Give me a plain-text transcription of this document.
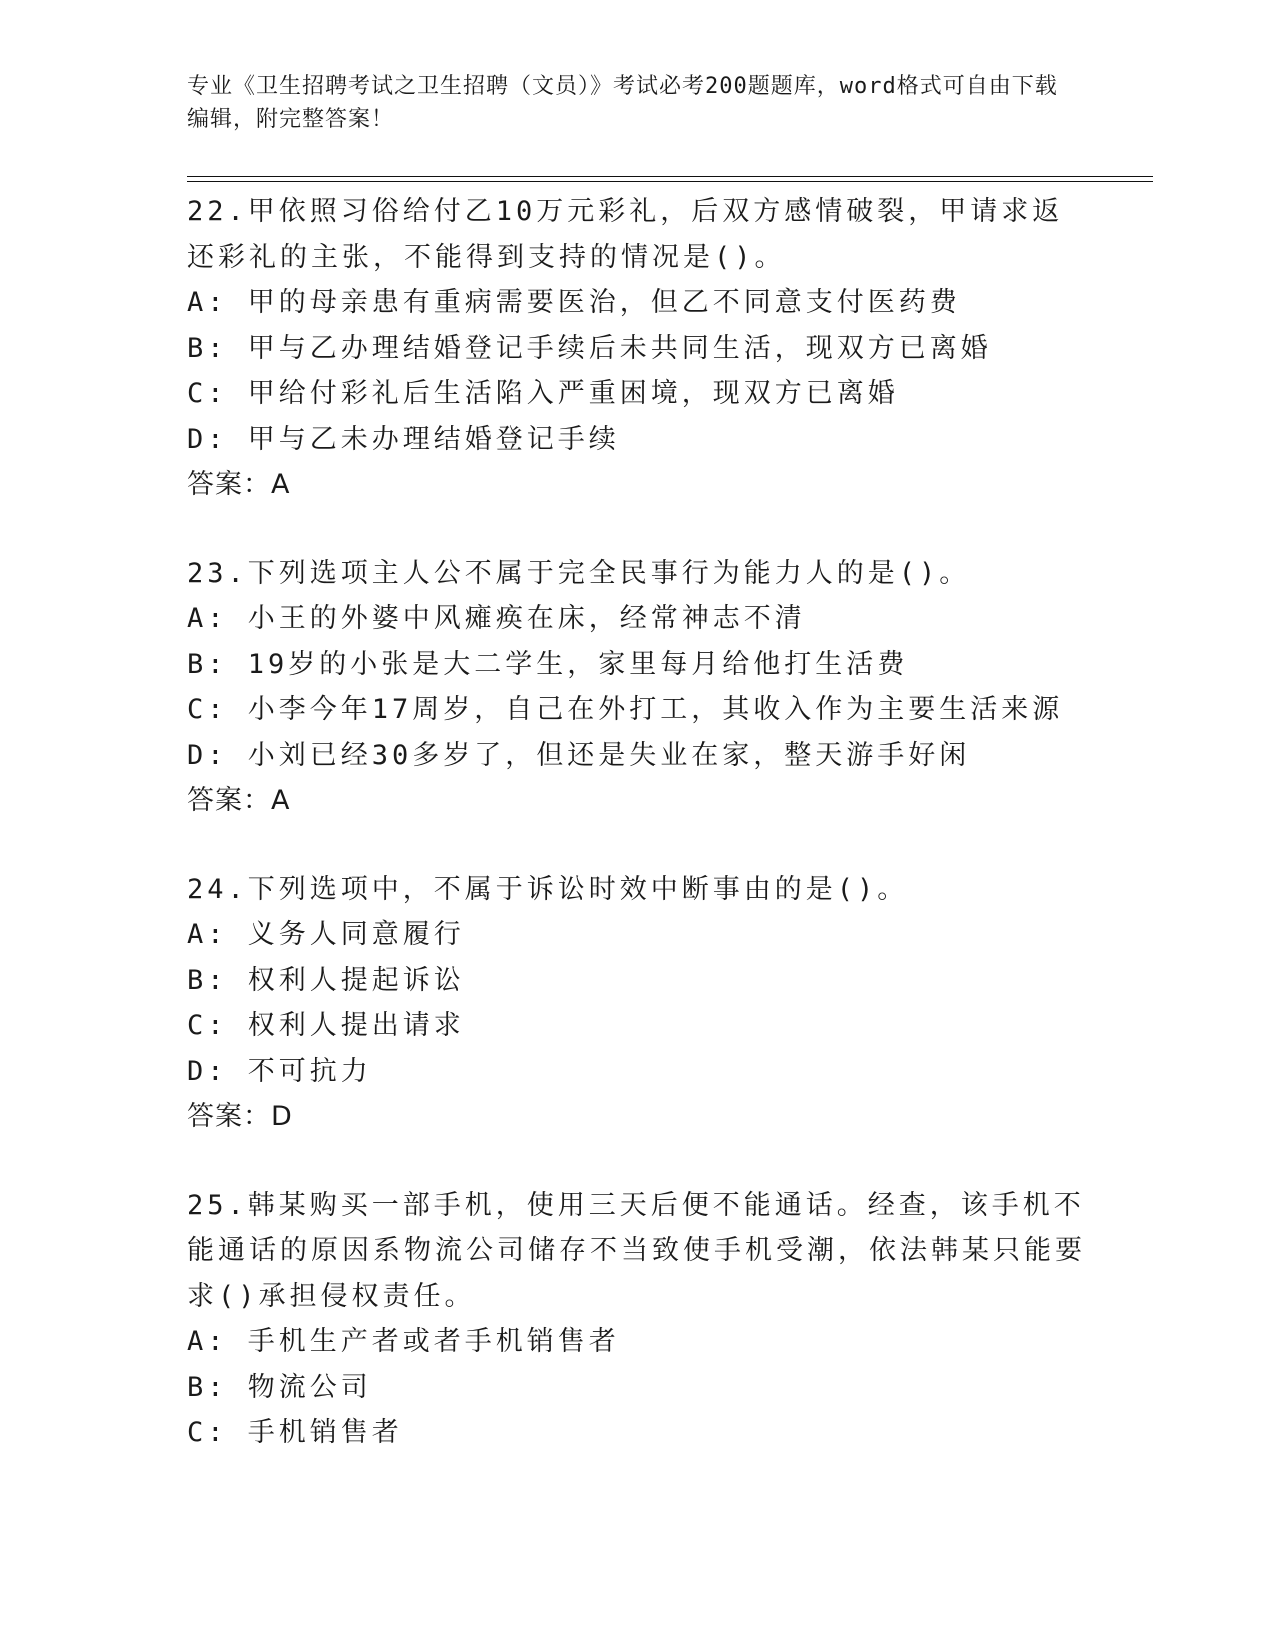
专业《卫生招聘考试之卫生招聘（文员）》考试必考200题题库，word格式可自由下载编辑，附完整答案！
22.甲依照习俗给付乙10万元彩礼，后双方感情破裂，甲请求返还彩礼的主张，不能得到支持的情况是()。
A: 甲的母亲患有重病需要医治，但乙不同意支付医药费
B: 甲与乙办理结婚登记手续后未共同生活，现双方已离婚
C: 甲给付彩礼后生活陷入严重困境，现双方已离婚
D: 甲与乙未办理结婚登记手续
答案：A
23.下列选项主人公不属于完全民事行为能力人的是()。
A: 小王的外婆中风瘫痪在床，经常神志不清
B: 19岁的小张是大二学生，家里每月给他打生活费
C: 小李今年17周岁，自己在外打工，其收入作为主要生活来源
D: 小刘已经30多岁了，但还是失业在家，整天游手好闲
答案：A
24.下列选项中，不属于诉讼时效中断事由的是()。
A: 义务人同意履行
B: 权利人提起诉讼
C: 权利人提出请求
D: 不可抗力
答案：D
25.韩某购买一部手机，使用三天后便不能通话。经查，该手机不能通话的原因系物流公司储存不当致使手机受潮，依法韩某只能要求()承担侵权责任。
A: 手机生产者或者手机销售者
B: 物流公司
C: 手机销售者
